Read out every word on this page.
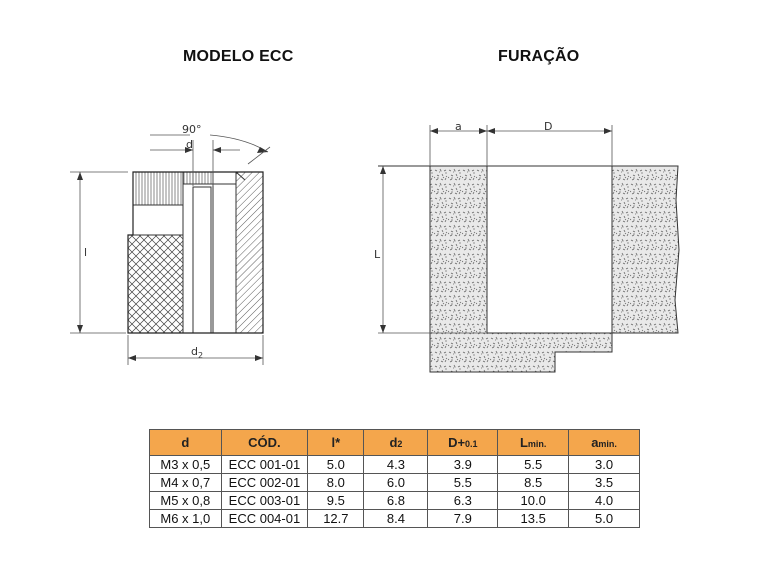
MODELO ECC	FURAÇÃO
90°
d
l
d 2
a	D
L
d	CÓD.	l*	d2	D+0.1	Lmin.	amin.
M3 x 0,5	ECC 001-01	5.0	4.3	3.9	5.5	3.0
M4 x 0,7	ECC 002-01	8.0	6.0	5.5	8.5	3.5
M5 x 0,8	ECC 003-01	9.5	6.8	6.3	10.0	4.0
M6 x 1,0	ECC 004-01	12.7	8.4	7.9	13.5	5.0
